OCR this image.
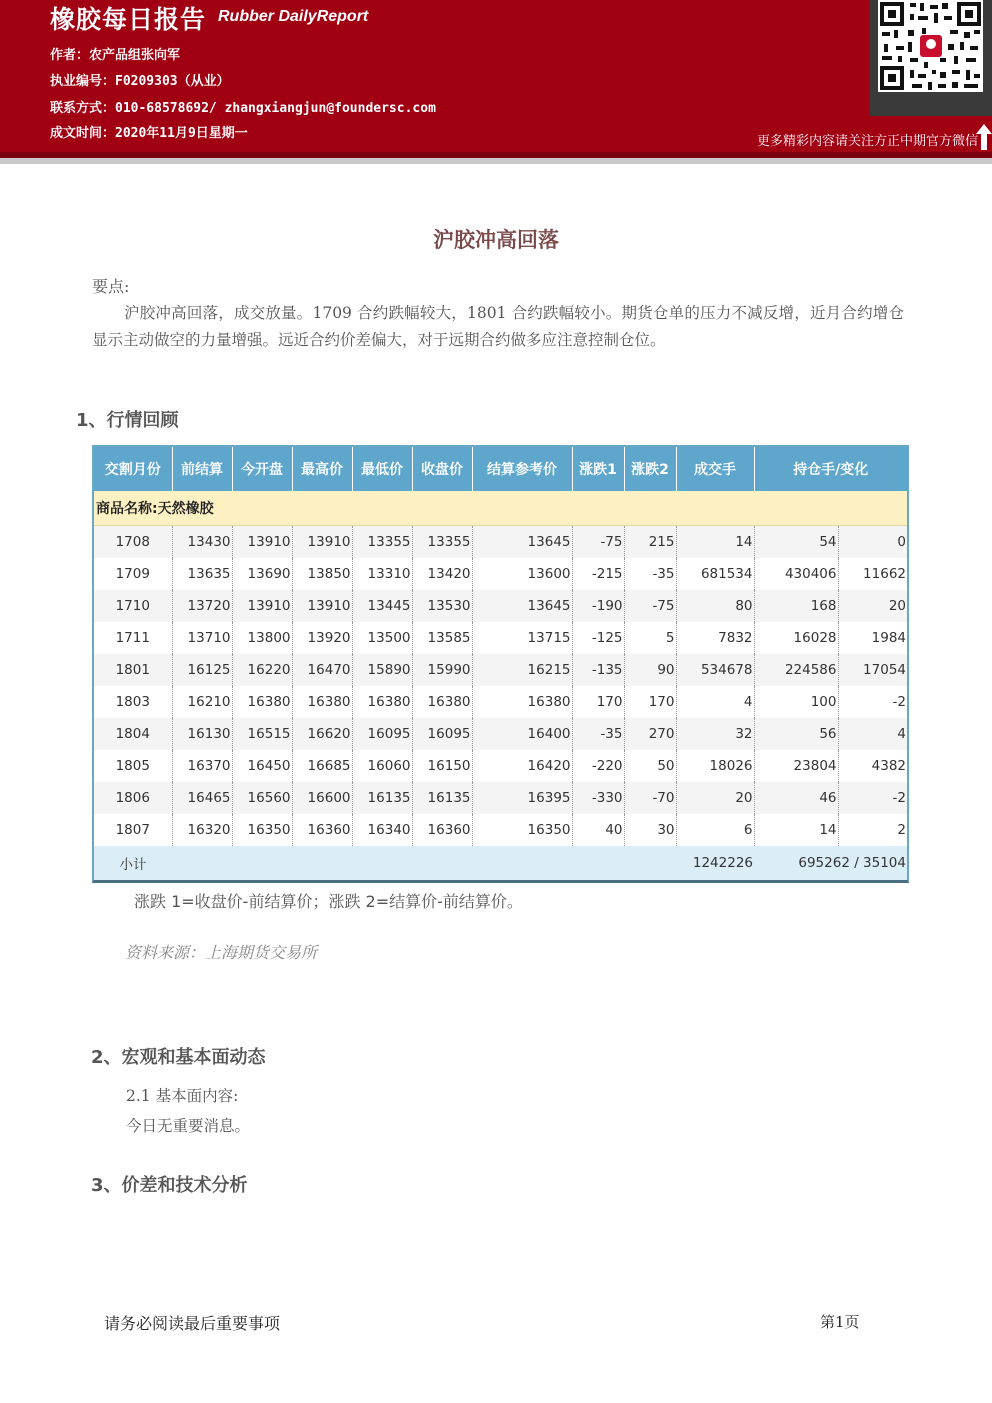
橡胶每日报告 Rubber DailyReport
作者：农产品组张向军
执业编号：F0209303（从业）
联系方式：010-68578692/ zhangxiangjun@foundersc.com
成文时间：2020年11月9日星期一
更多精彩内容请关注方正中期官方微信
沪胶冲高回落
要点:
沪胶冲高回落，成交放量。1709 合约跌幅较大，1801 合约跌幅较小。期货仓单的压力不减反增，近月合约增仓显示主动做空的力量增强。远近合约价差偏大，对于远期合约做多应注意控制仓位。
1、行情回顾
交割月份	前结算	今开盘	最高价	最低价	收盘价	结算参考价	涨跌1	涨跌2	成交手	持仓手/变化	
商品名称:天然橡胶											
1708	13430	13910	13910	13355	13355	13645	-75	215	14	54	0
1709	13635	13690	13850	13310	13420	13600	-215	-35	681534	430406	11662
1710	13720	13910	13910	13445	13530	13645	-190	-75	80	168	20
1711	13710	13800	13920	13500	13585	13715	-125	5	7832	16028	1984
1801	16125	16220	16470	15890	15990	16215	-135	90	534678	224586	17054
1803	16210	16380	16380	16380	16380	16380	170	170	4	100	-2
1804	16130	16515	16620	16095	16095	16400	-35	270	32	56	4
1805	16370	16450	16685	16060	16150	16420	-220	50	18026	23804	4382
1806	16465	16560	16600	16135	16135	16395	-330	-70	20	46	-2
1807	16320	16350	16360	16340	16360	16350	40	30	6	14	2
小计									1242226	695262 / 35104	
涨跌 1=收盘价-前结算价；涨跌 2=结算价-前结算价。
资料来源：上海期货交易所
2、宏观和基本面动态
2.1 基本面内容:
今日无重要消息。
3、价差和技术分析
请务必阅读最后重要事项	第1页
